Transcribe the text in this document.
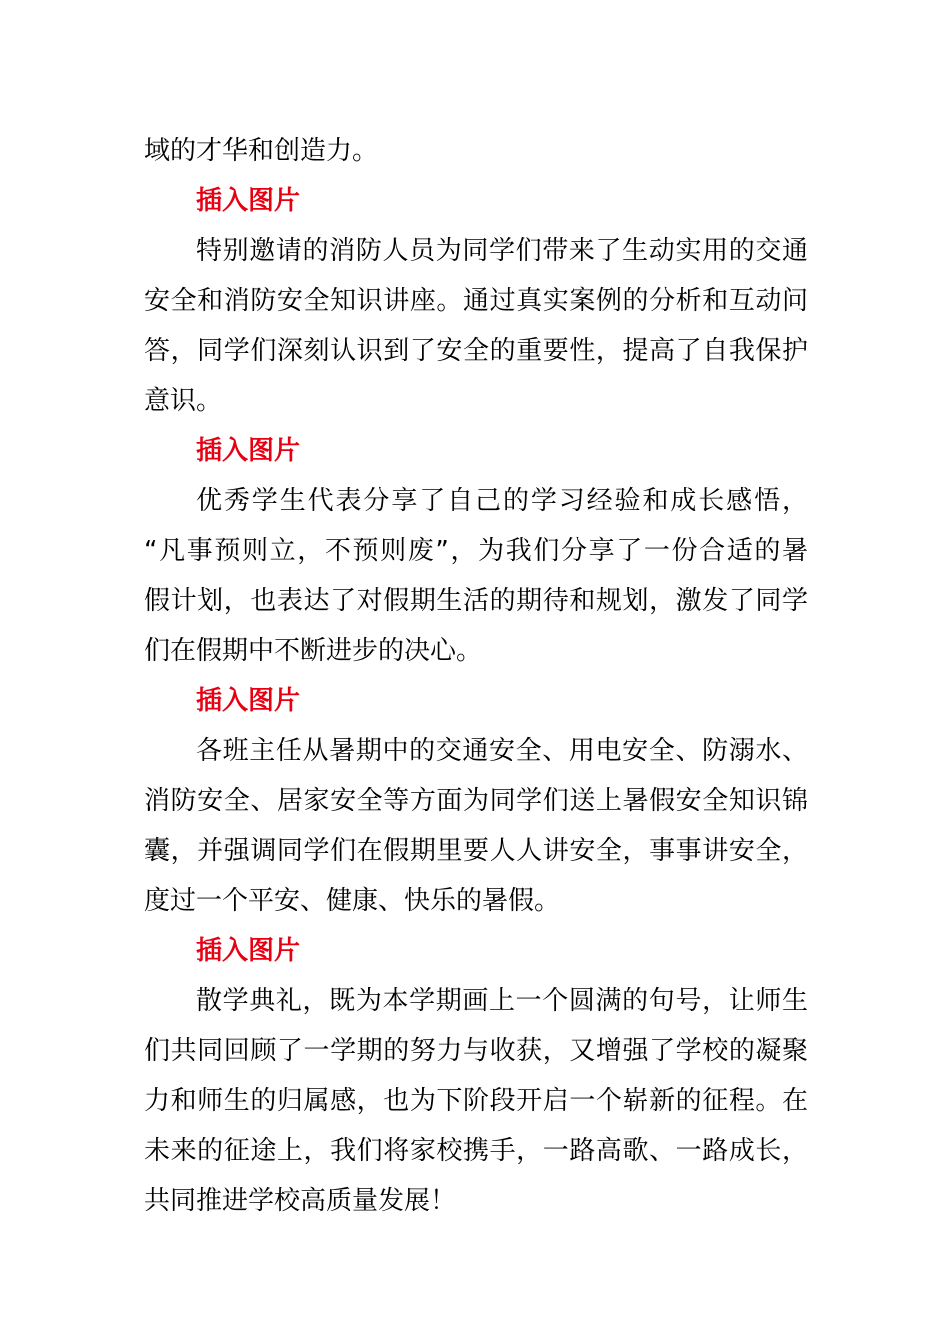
域的才华和创造力。
插入图片
特别邀请的消防人员为同学们带来了生动实用的交通
安全和消防安全知识讲座。通过真实案例的分析和互动问
答，同学们深刻认识到了安全的重要性，提高了自我保护
意识。
插入图片
优秀学生代表分享了自己的学习经验和成长感悟，
“凡事预则立，不预则废”，为我们分享了一份合适的暑
假计划，也表达了对假期生活的期待和规划，激发了同学
们在假期中不断进步的决心。
插入图片
各班主任从暑期中的交通安全、用电安全、防溺水、
消防安全、居家安全等方面为同学们送上暑假安全知识锦
囊，并强调同学们在假期里要人人讲安全，事事讲安全，
度过一个平安、健康、快乐的暑假。
插入图片
散学典礼，既为本学期画上一个圆满的句号，让师生
们共同回顾了一学期的努力与收获，又增强了学校的凝聚
力和师生的归属感，也为下阶段开启一个崭新的征程。在
未来的征途上，我们将家校携手，一路高歌、一路成长，
共同推进学校高质量发展！
